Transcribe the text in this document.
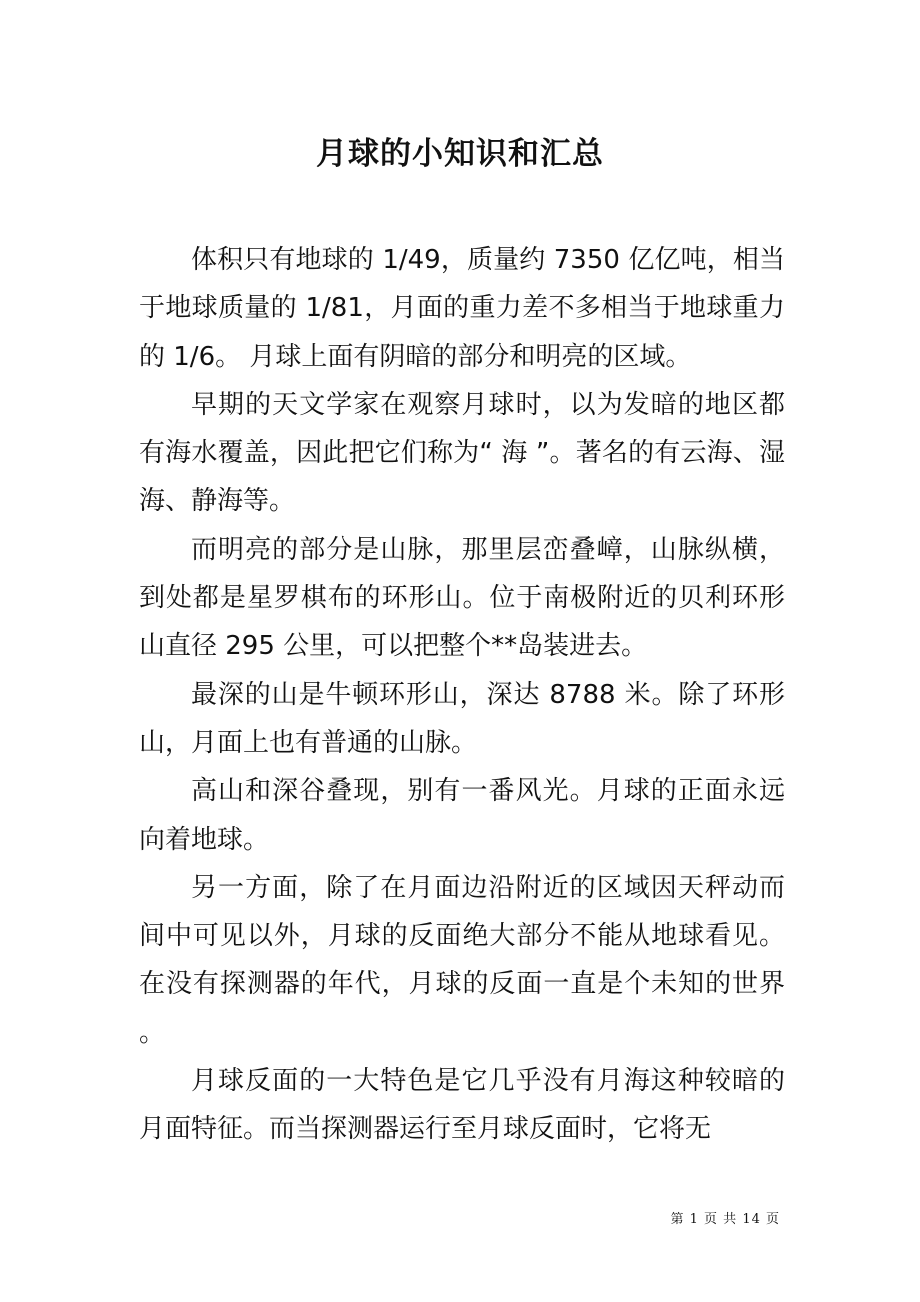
月球的小知识和汇总

体积只有地球的 1/49，质量约 7350 亿亿吨，相当于地球质量的 1/81，月面的重力差不多相当于地球重力的 1/6。 月球上面有阴暗的部分和明亮的区域。

早期的天文学家在观察月球时，以为发暗的地区都有海水覆盖，因此把它们称为“ 海 ”。著名的有云海、湿海、静海等。

而明亮的部分是山脉，那里层峦叠嶂，山脉纵横，到处都是星罗棋布的环形山。位于南极附近的贝利环形山直径 295 公里，可以把整个**岛装进去。

最深的山是牛顿环形山，深达 8788 米。除了环形山，月面上也有普通的山脉。

高山和深谷叠现，别有一番风光。月球的正面永远向着地球。

另一方面，除了在月面边沿附近的区域因天秤动而间中可见以外，月球的反面绝大部分不能从地球看见。在没有探测器的年代，月球的反面一直是个未知的世界。

月球反面的一大特色是它几乎没有月海这种较暗的月面特征。而当探测器运行至月球反面时，它将无

第 1 页 共 14 页
